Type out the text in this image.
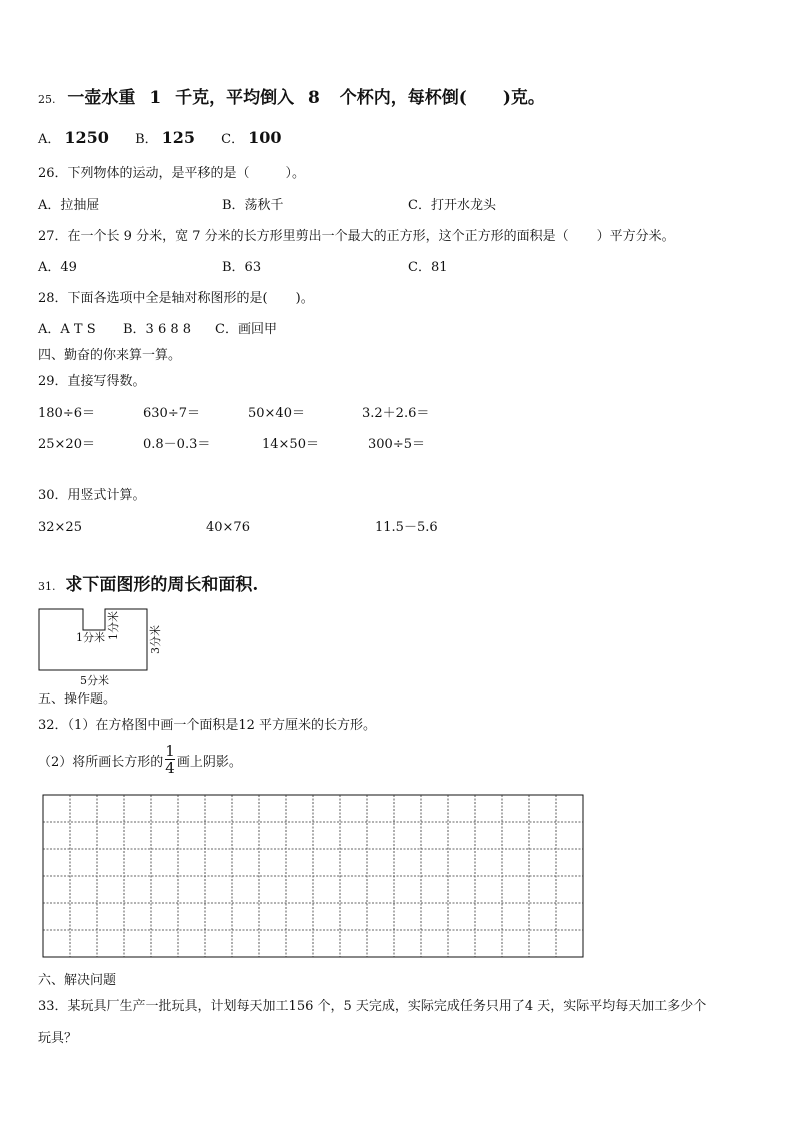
25. 一壶水重 1 千克，平均倒入 8 个杯内，每杯倒( )克。
A． 1250 B． 125 C． 100
26．下列物体的运动，是平移的是（	）。
A．拉抽屉	B．荡秋千	C．打开水龙头
27．在一个长 9 分米，宽 7 分米的长方形里剪出一个最大的正方形，这个正方形的面积是（ ）平方分米。
A．49	B．63	C．81
28．下面各选项中全是轴对称图形的是( )。
A．A T S B．3 6 8 8 C．画回甲
四、勤奋的你来算一算。
29．直接写得数。
180÷6＝	630÷7＝	50×40＝	3.2＋2.6＝
25×20＝	0.8－0.3＝	14×50＝	300÷5＝
30．用竖式计算。
32×25	40×76	11.5－5.6
31. 求下面图形的周长和面积.
1分米 1分米	3分米
5分米
五、操作题。
32．（1）在方格图中画一个面积是12 平方厘米的长方形。
（2）将所画长方形的 $\frac{1}{4}$ 画上阴影。
六、解决问题
33．某玩具厂生产一批玩具，计划每天加工156 个，5 天完成，实际完成任务只用了4 天，实际平均每天加工多少个
玩具？
